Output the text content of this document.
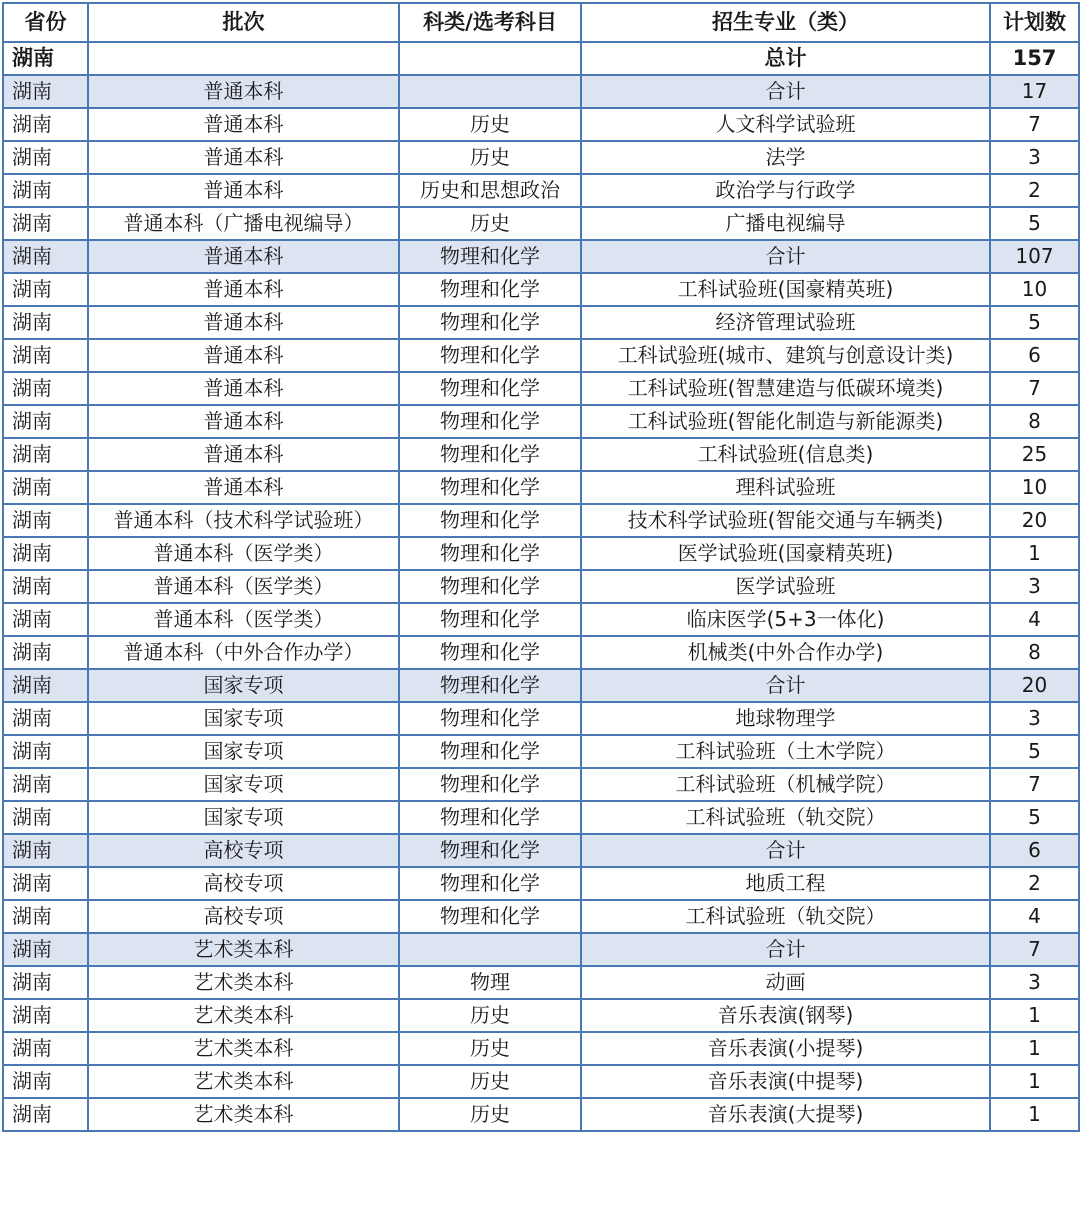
省份	批次	科类/选考科目	招生专业（类）	计划数
湖南			总计	157
湖南	普通本科		合计	17
湖南	普通本科	历史	人文科学试验班	7
湖南	普通本科	历史	法学	3
湖南	普通本科	历史和思想政治	政治学与行政学	2
湖南	普通本科（广播电视编导）	历史	广播电视编导	5
湖南	普通本科	物理和化学	合计	107
湖南	普通本科	物理和化学	工科试验班(国豪精英班)	10
湖南	普通本科	物理和化学	经济管理试验班	5
湖南	普通本科	物理和化学	工科试验班(城市、建筑与创意设计类)	6
湖南	普通本科	物理和化学	工科试验班(智慧建造与低碳环境类)	7
湖南	普通本科	物理和化学	工科试验班(智能化制造与新能源类)	8
湖南	普通本科	物理和化学	工科试验班(信息类)	25
湖南	普通本科	物理和化学	理科试验班	10
湖南	普通本科（技术科学试验班）	物理和化学	技术科学试验班(智能交通与车辆类)	20
湖南	普通本科（医学类）	物理和化学	医学试验班(国豪精英班)	1
湖南	普通本科（医学类）	物理和化学	医学试验班	3
湖南	普通本科（医学类）	物理和化学	临床医学(5+3一体化)	4
湖南	普通本科（中外合作办学）	物理和化学	机械类(中外合作办学)	8
湖南	国家专项	物理和化学	合计	20
湖南	国家专项	物理和化学	地球物理学	3
湖南	国家专项	物理和化学	工科试验班（土木学院）	5
湖南	国家专项	物理和化学	工科试验班（机械学院）	7
湖南	国家专项	物理和化学	工科试验班（轨交院）	5
湖南	高校专项	物理和化学	合计	6
湖南	高校专项	物理和化学	地质工程	2
湖南	高校专项	物理和化学	工科试验班（轨交院）	4
湖南	艺术类本科		合计	7
湖南	艺术类本科	物理	动画	3
湖南	艺术类本科	历史	音乐表演(钢琴)	1
湖南	艺术类本科	历史	音乐表演(小提琴)	1
湖南	艺术类本科	历史	音乐表演(中提琴)	1
湖南	艺术类本科	历史	音乐表演(大提琴)	1
